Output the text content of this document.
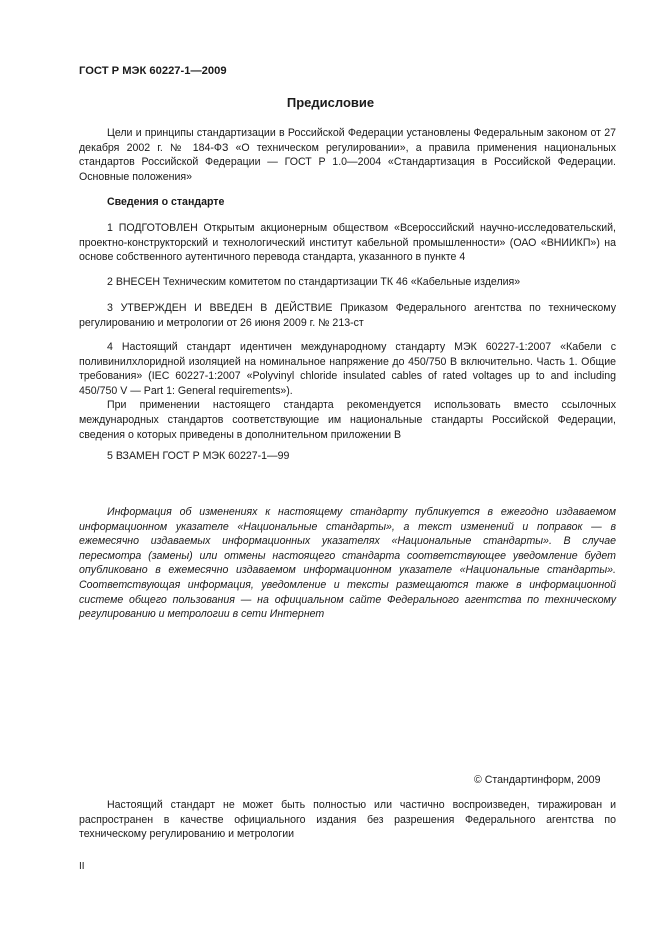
ГОСТ Р МЭК 60227-1—2009
Предисловие

Цели и принципы стандартизации в Российской Федерации установлены Федеральным законом от 27 декабря 2002 г. № 184-ФЗ «О техническом регулировании», а правила применения национальных стандартов Российской Федерации — ГОСТ Р 1.0—2004 «Стандартизация в Российской Федерации. Основные положения»

Сведения о стандарте

1 ПОДГОТОВЛЕН Открытым акционерным обществом «Всероссийский научно-исследовательский, проектно-конструкторский и технологический институт кабельной промышленности» (ОАО «ВНИИКП») на основе собственного аутентичного перевода стандарта, указанного в пункте 4

2 ВНЕСЕН Техническим комитетом по стандартизации ТК 46 «Кабельные изделия»

3 УТВЕРЖДЕН И ВВЕДЕН В ДЕЙСТВИЕ Приказом Федерального агентства по техническому регулированию и метрологии от 26 июня 2009 г. № 213-ст

4 Настоящий стандарт идентичен международному стандарту МЭК 60227-1:2007 «Кабели с поливинилхлоридной изоляцией на номинальное напряжение до 450/750 В включительно. Часть 1. Общие требования» (IEC 60227-1:2007 «Polyvinyl chloride insulated cables of rated voltages up to and including 450/750 V — Part 1: General requirements»).

При применении настоящего стандарта рекомендуется использовать вместо ссылочных международных стандартов соответствующие им национальные стандарты Российской Федерации, сведения о которых приведены в дополнительном приложении В

5 ВЗАМЕН ГОСТ Р МЭК 60227-1—99

Информация об изменениях к настоящему стандарту публикуется в ежегодно издаваемом информационном указателе «Национальные стандарты», а текст изменений и поправок — в ежемесячно издаваемых информационных указателях «Национальные стандарты». В случае пересмотра (замены) или отмены настоящего стандарта соответствующее уведомление будет опубликовано в ежемесячно издаваемом информационном указателе «Национальные стандарты». Соответствующая информация, уведомление и тексты размещаются также в информационной системе общего пользования — на официальном сайте Федерального агентства по техническому регулированию и метрологии в сети Интернет

© Стандартинформ, 2009

Настоящий стандарт не может быть полностью или частично воспроизведен, тиражирован и распространен в качестве официального издания без разрешения Федерального агентства по техническому регулированию и метрологии

II
